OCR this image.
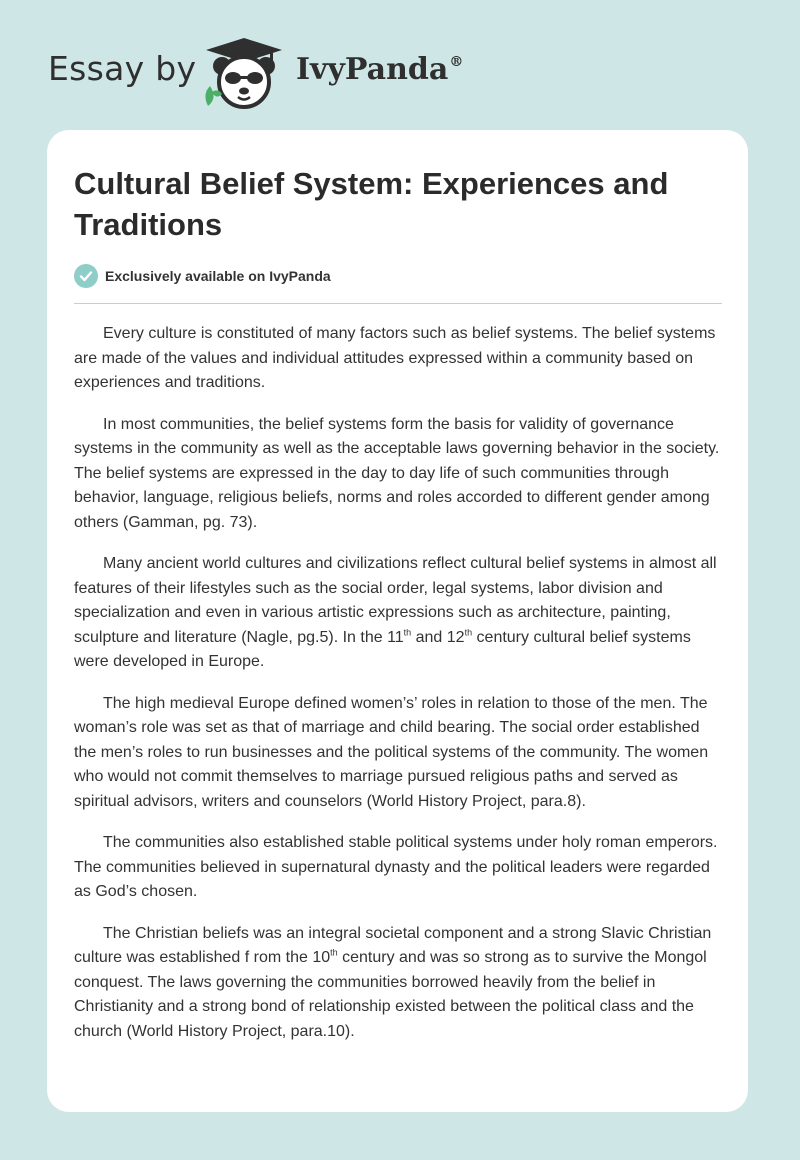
Essay by	IvyPanda®
Cultural Belief System: Experiences and Traditions
Exclusively available on IvyPanda

Every culture is constituted of many factors such as belief systems. The belief systems are made of the values and individual attitudes expressed within a community based on experiences and traditions.

In most communities, the belief systems form the basis for validity of governance systems in the community as well as the acceptable laws governing behavior in the society. The belief systems are expressed in the day to day life of such communities through behavior, language, religious beliefs, norms and roles accorded to different gender among others (Gamman, pg. 73).

Many ancient world cultures and civilizations reflect cultural belief systems in almost all features of their lifestyles such as the social order, legal systems, labor division and specialization and even in various artistic expressions such as architecture, painting, sculpture and literature (Nagle, pg.5). In the 11th and 12th century cultural belief systems were developed in Europe.

The high medieval Europe defined women’s’ roles in relation to those of the men. The woman’s role was set as that of marriage and child bearing. The social order established the men’s roles to run businesses and the political systems of the community. The women who would not commit themselves to marriage pursued religious paths and served as spiritual advisors, writers and counselors (World History Project, para.8).

The communities also established stable political systems under holy roman emperors. The communities believed in supernatural dynasty and the political leaders were regarded as God’s chosen.

The Christian beliefs was an integral societal component and a strong Slavic Christian culture was established f rom the 10th century and was so strong as to survive the Mongol conquest. The laws governing the communities borrowed heavily from the belief in Christianity and a strong bond of relationship existed between the political class and the church (World History Project, para.10).
